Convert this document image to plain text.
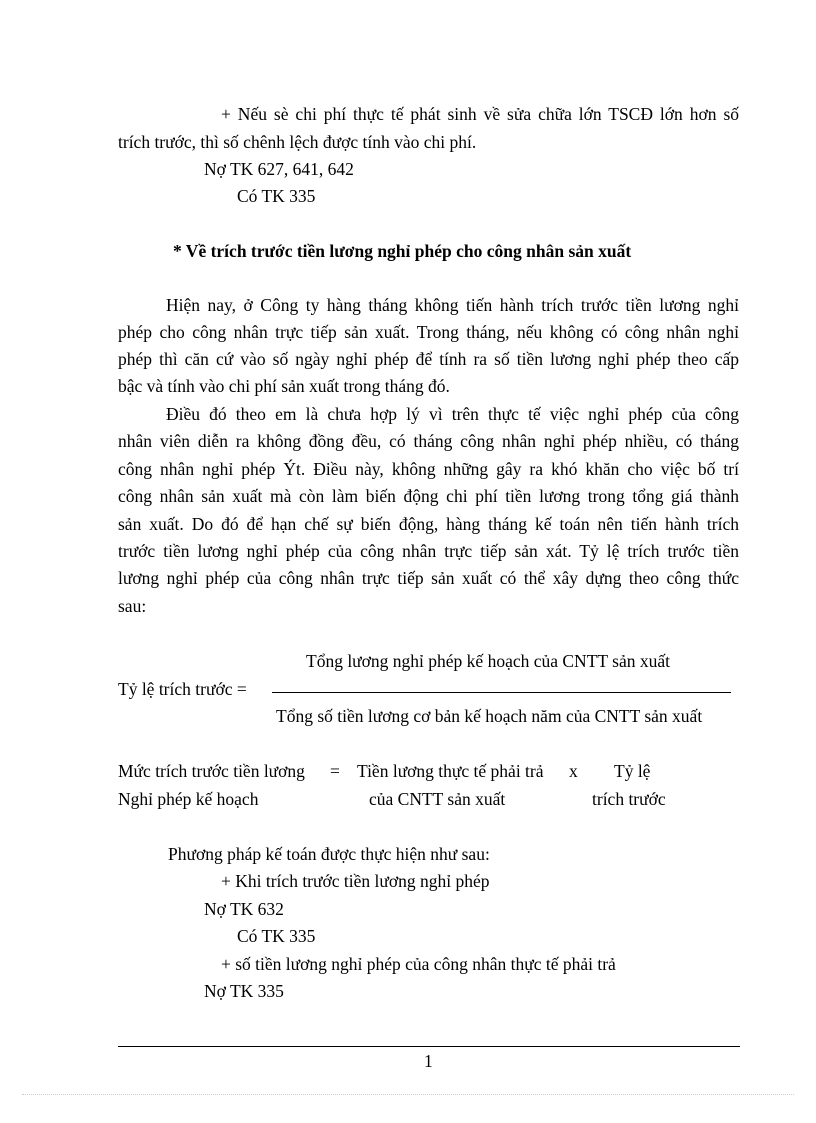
+ Nếu sè chi phí thực tế phát sinh về sửa chữa lớn TSCĐ lớn hơn số
trích trước, thì số chênh lệch được tính vào chi phí.
Nợ TK 627, 641, 642
Có TK 335
* Về trích trước tiền lương nghỉ phép cho công nhân sản xuất
Hiện nay, ở Công ty hàng tháng không tiến hành trích trước tiền lương nghỉ
phép cho công nhân trực tiếp sản xuất. Trong tháng, nếu không có công nhân nghỉ
phép thì căn cứ vào số ngày nghỉ phép để tính ra số tiền lương nghỉ phép theo cấp
bậc và tính vào chi phí sản xuất trong tháng đó.
Điều đó theo em là chưa hợp lý vì trên thực tế việc nghỉ phép của công
nhân viên diễn ra không đồng đều, có tháng công nhân nghỉ phép nhiều, có tháng
công nhân nghỉ phép Ýt. Điều này, không những gây ra khó khăn cho việc bố trí
công nhân sản xuất mà còn làm biến động chi phí tiền lương trong tổng giá thành
sản xuất. Do đó để hạn chế sự biến động, hàng tháng kế toán nên tiến hành trích
trước tiền lương nghỉ phép của công nhân trực tiếp sản xát. Tỷ lệ trích trước tiền
lương nghỉ phép của công nhân trực tiếp sản xuất có thể xây dựng theo công thức
sau:
Tổng lương nghỉ phép kế hoạch của CNTT sản xuất
Tỷ lệ trích trước =
Tổng số tiền lương cơ bản kế hoạch năm của CNTT sản xuất
Mức trích trước tiền lương = Tiền lương thực tế phải trả x Tỷ lệ
Nghỉ phép kế hoạch	của CNTT sản xuất	trích trước
Phương pháp kế toán được thực hiện như sau:
+ Khi trích trước tiền lương nghỉ phép
Nợ TK 632
Có TK 335
+ số tiền lương nghỉ phép của công nhân thực tế phải trả
Nợ TK 335
1
